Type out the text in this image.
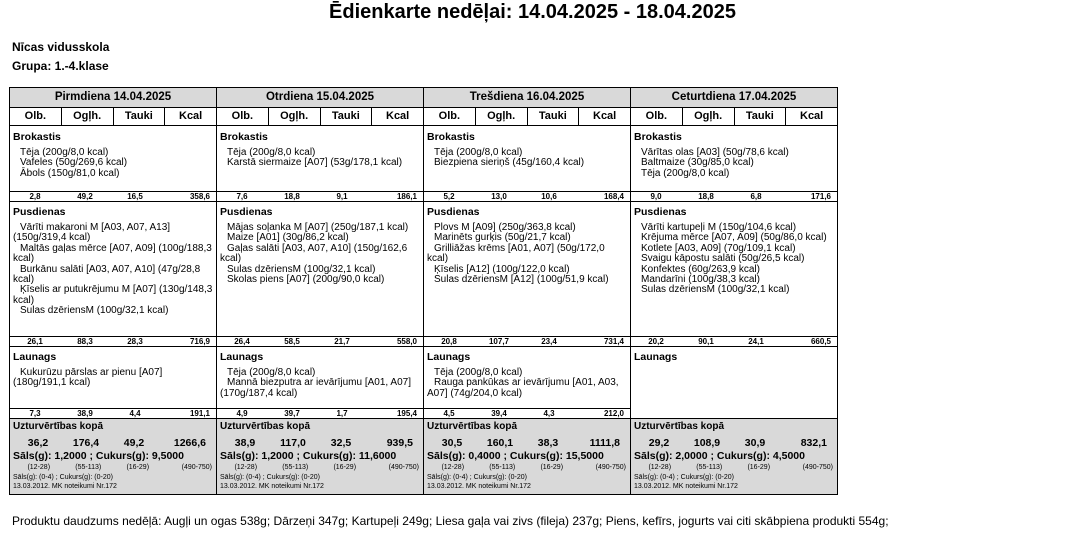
Ēdienkarte nedēļai: 14.04.2025 - 18.04.2025
Nīcas vidusskola
Grupa: 1.-4.klase
Pirmdiena 14.04.2025
Olb.	Ogļh.	Tauki	Kcal
Brokastis
Tēja (200g/8,0 kcal)
Vafeles (50g/269,6 kcal)
Ābols (150g/81,0 kcal)
2,8	49,2	16,5	358,6
Pusdienas
Vārīti makaroni M [A03, A07, A13] (150g/319,4 kcal)
Maltās gaļas mērce [A07, A09] (100g/188,3 kcal)
Burkānu salāti [A03, A07, A10] (47g/28,8 kcal)
Ķīselis ar putukrējumu M [A07] (130g/148,3 kcal)
Sulas dzēriensM (100g/32,1 kcal)
26,1	88,3	28,3	716,9
Launags
Kukurūzu pārslas ar pienu [A07] (180g/191,1 kcal)
7,3	38,9	4,4	191,1
Uzturvērtības kopā
36,2	176,4	49,2	1266,6
Sāls(g): 1,2000 ; Cukurs(g): 9,5000
(12-28)	(55-113)	(16-29)	(490-750)
Sāls(g): (0-4) ; Cukurs(g): (0-20)
13.03.2012. MK noteikumi Nr.172
Otrdiena 15.04.2025
Olb.	Ogļh.	Tauki	Kcal
Brokastis
Tēja (200g/8,0 kcal)
Karstā siermaize [A07] (53g/178,1 kcal)
7,6	18,8	9,1	186,1
Pusdienas
Mājas soļanka M [A07] (250g/187,1 kcal)
Maize [A01] (30g/86,2 kcal)
Gaļas salāti [A03, A07, A10] (150g/162,6 kcal)
Sulas dzēriensM (100g/32,1 kcal)
Skolas piens [A07] (200g/90,0 kcal)
26,4	58,5	21,7	558,0
Launags
Tēja (200g/8,0 kcal)
Mannā biezputra ar ievārījumu [A01, A07] (170g/187,4 kcal)
4,9	39,7	1,7	195,4
Uzturvērtības kopā
38,9	117,0	32,5	939,5
Sāls(g): 1,2000 ; Cukurs(g): 11,6000
(12-28)	(55-113)	(16-29)	(490-750)
Sāls(g): (0-4) ; Cukurs(g): (0-20)
13.03.2012. MK noteikumi Nr.172
Trešdiena 16.04.2025
Olb.	Ogļh.	Tauki	Kcal
Brokastis
Tēja (200g/8,0 kcal)
Biezpiena sieriņš (45g/160,4 kcal)
5,2	13,0	10,6	168,4
Pusdienas
Plovs M [A09] (250g/363,8 kcal)
Marinēts gurķis (50g/21,7 kcal)
Grilliāžas krēms [A01, A07] (50g/172,0 kcal)
Ķīselis [A12] (100g/122,0 kcal)
Sulas dzēriensM [A12] (100g/51,9 kcal)
20,8	107,7	23,4	731,4
Launags
Tēja (200g/8,0 kcal)
Rauga pankūkas ar ievārījumu [A01, A03, A07] (74g/204,0 kcal)
4,5	39,4	4,3	212,0
Uzturvērtības kopā
30,5	160,1	38,3	1111,8
Sāls(g): 0,4000 ; Cukurs(g): 15,5000
(12-28)	(55-113)	(16-29)	(490-750)
Sāls(g): (0-4) ; Cukurs(g): (0-20)
13.03.2012. MK noteikumi Nr.172
Ceturtdiena 17.04.2025
Olb.	Ogļh.	Tauki	Kcal
Brokastis
Vārītas olas [A03] (50g/78,6 kcal)
Baltmaize (30g/85,0 kcal)
Tēja (200g/8,0 kcal)
9,0	18,8	6,8	171,6
Pusdienas
Vārīti kartupeļi M (150g/104,6 kcal)
Krējuma mērce [A07, A09] (50g/86,0 kcal)
Kotlete [A03, A09] (70g/109,1 kcal)
Svaigu kāpostu salāti (50g/26,5 kcal)
Konfektes (60g/263,9 kcal)
Mandarīni (100g/38,3 kcal)
Sulas dzēriensM (100g/32,1 kcal)
20,2	90,1	24,1	660,5
Launags
Uzturvērtības kopā
29,2	108,9	30,9	832,1
Sāls(g): 2,0000 ; Cukurs(g): 4,5000
(12-28)	(55-113)	(16-29)	(490-750)
Sāls(g): (0-4) ; Cukurs(g): (0-20)
13.03.2012. MK noteikumi Nr.172
Produktu daudzums nedēļā: Augļi un ogas 538g; Dārzeņi 347g; Kartupeļi 249g; Liesa gaļa vai zivs (fileja) 237g; Piens, kefīrs, jogurts vai citi skābpiena produkti 554g;
